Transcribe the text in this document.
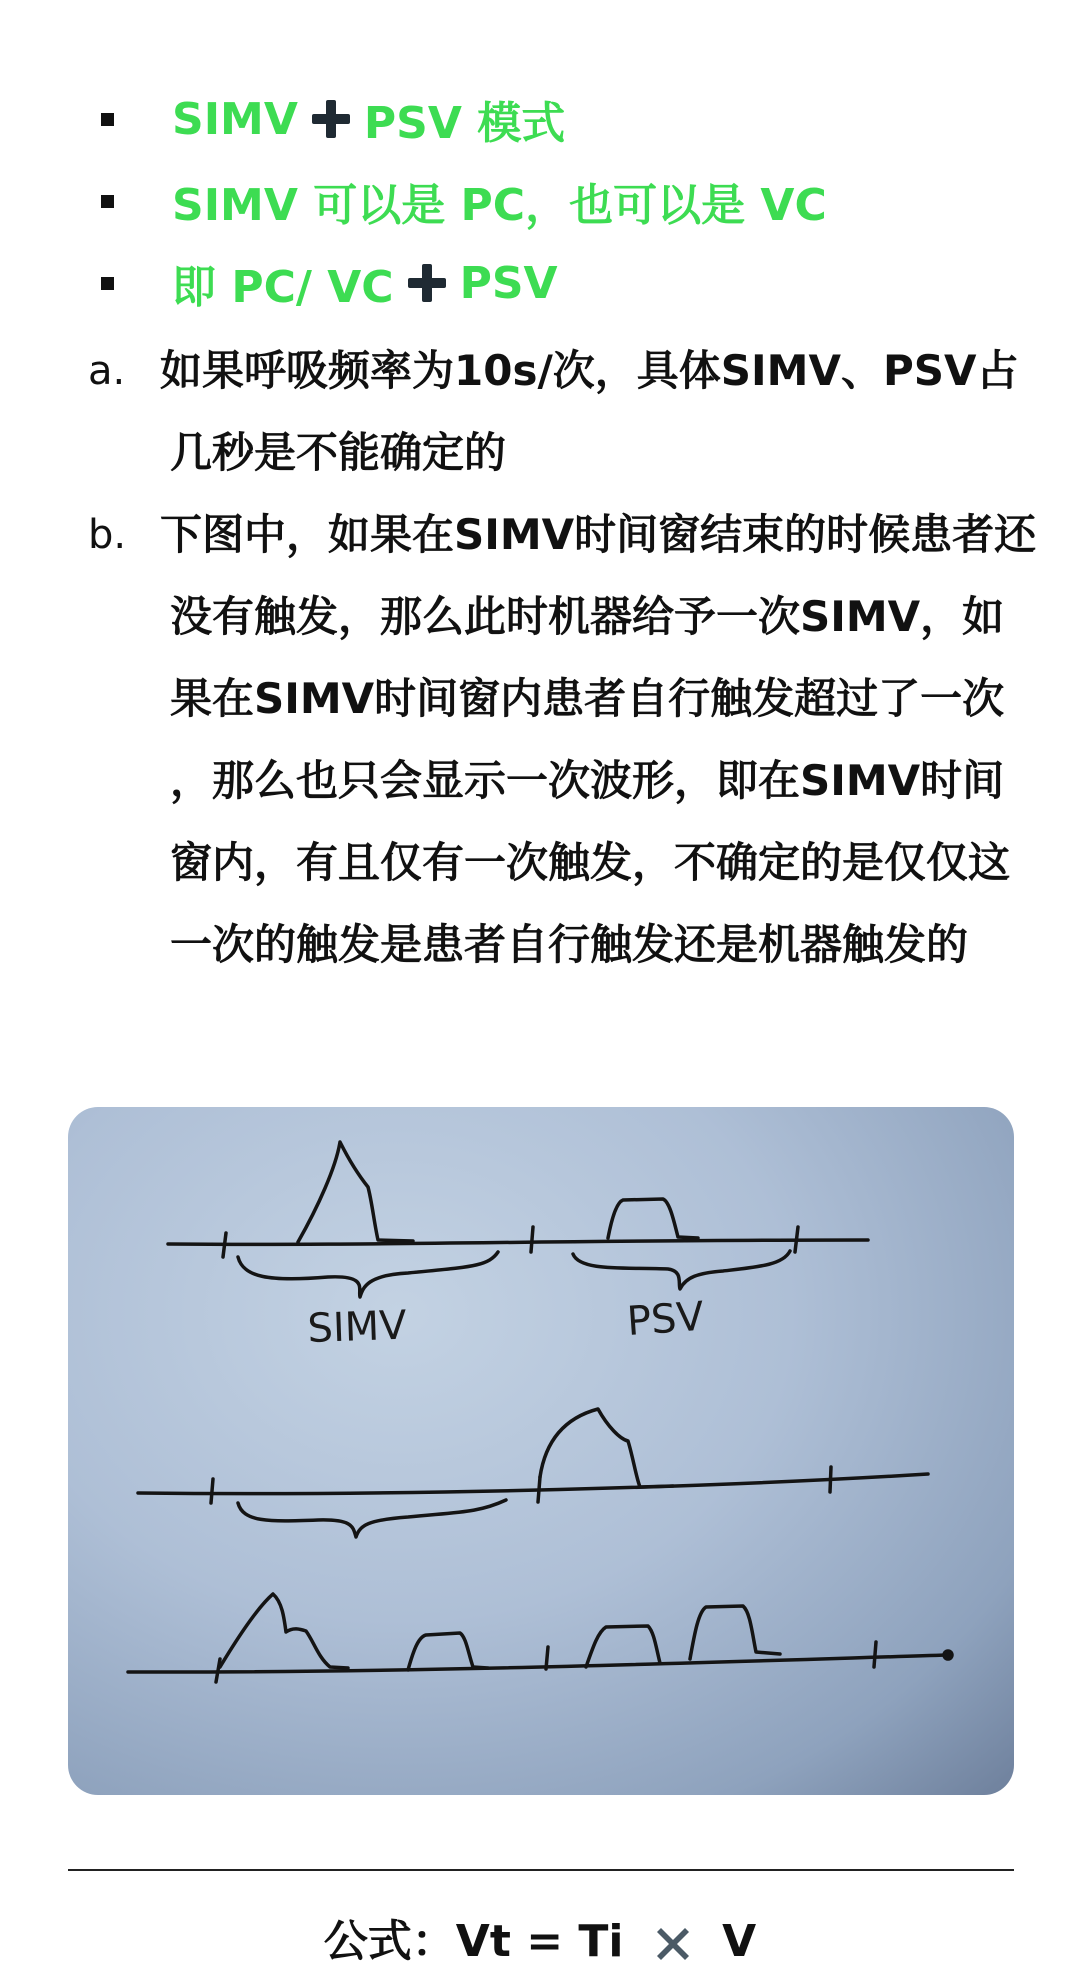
SIMV PSV 模式
SIMV 可以是 PC，也可以是 VC
即 PC/ VC PSV
a. 如果呼吸频率为10s/次，具体SIMV、PSV占几秒是不能确定的
b. 下图中，如果在SIMV时间窗结束的时候患者还没有触发，那么此时机器给予一次SIMV，如果在SIMV时间窗内患者自行触发超过了一次 ，那么也只会显示一次波形，即在SIMV时间窗内，有且仅有一次触发，不确定的是仅仅这一次的触发是患者自行触发还是机器触发的
SIMV	PSV
公式：Vt = Ti V
